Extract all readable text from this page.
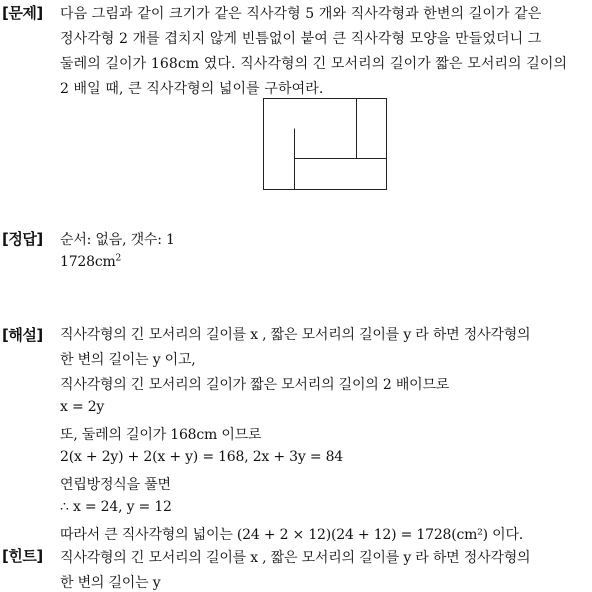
[문제] 다음 그림과 같이 크기가 같은 직사각형 5 개와 직사각형과 한변의 길이가 같은
정사각형 2 개를 겹치지 않게 빈틈없이 붙여 큰 직사각형 모양을 만들었더니 그
둘레의 길이가 168cm 였다. 직사각형의 긴 모서리의 길이가 짧은 모서리의 길이의
2 배일 때, 큰 직사각형의 넓이를 구하여라.
[정답] 순서: 없음, 갯수: 1
$1728cm^2$
[해설] 직사각형의 긴 모서리의 길이를 x , 짧은 모서리의 길이를 y 라 하면 정사각형의
한 변의 길이는 y 이고,
직사각형의 긴 모서리의 길이가 짧은 모서리의 길이의 2 배이므로
x = 2y
또, 둘레의 길이가 168cm 이므로
2(x + 2y) + 2(x + y) = 168, 2x + 3y = 84
연립방정식을 풀면
∴ x = 24, y = 12
따라서 큰 직사각형의 넓이는 (24 + 2 × 12)(24 + 12) = 1728(cm²) 이다.
[힌트] 직사각형의 긴 모서리의 길이를 x , 짧은 모서리의 길이를 y 라 하면 정사각형의
한 변의 길이는 y
